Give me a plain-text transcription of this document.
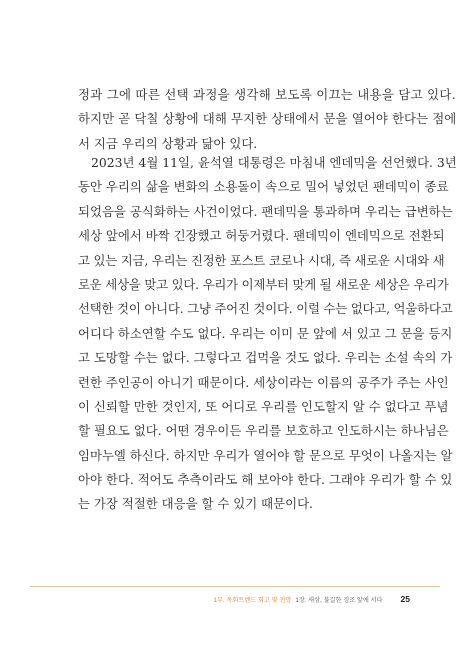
정과 그에 따른 선택 과정을 생각해 보도록 이끄는 내용을 담고 있다.
하지만 곧 닥칠 상황에 대해 무지한 상태에서 문을 열어야 한다는 점에
서 지금 우리의 상황과 닮아 있다.

2023년 4월 11일, 윤석열 대통령은 마침내 엔데믹을 선언했다. 3년
동안 우리의 삶을 변화의 소용돌이 속으로 밀어 넣었던 팬데믹이 종료
되었음을 공식화하는 사건이었다. 팬데믹을 통과하며 우리는 급변하는
세상 앞에서 바짝 긴장했고 허둥거렸다. 팬데믹이 엔데믹으로 전환되
고 있는 지금, 우리는 진정한 포스트 코로나 시대, 즉 새로운 시대와 새
로운 세상을 맞고 있다. 우리가 이제부터 맞게 될 새로운 세상은 우리가
선택한 것이 아니다. 그냥 주어진 것이다. 이럴 수는 없다고, 억울하다고
어디다 하소연할 수도 없다. 우리는 이미 문 앞에 서 있고 그 문을 등지
고 도망할 수는 없다. 그렇다고 겁먹을 것도 없다. 우리는 소설 속의 가
련한 주인공이 아니기 때문이다. 세상이라는 이름의 공주가 주는 사인
이 신뢰할 만한 것인지, 또 어디로 우리를 인도할지 알 수 없다고 푸념
할 필요도 없다. 어떤 경우이든 우리를 보호하고 인도하시는 하나님은
임마누엘 하신다. 하지만 우리가 열어야 할 문으로 무엇이 나올지는 알
아야 한다. 적어도 추측이라도 해 보아야 한다. 그래야 우리가 할 수 있
는 가장 적절한 대응을 할 수 있기 때문이다.

1부. 목회트렌드 회고 및 전망 1장. 새삼, 불길한 징조 앞에 서다 25
